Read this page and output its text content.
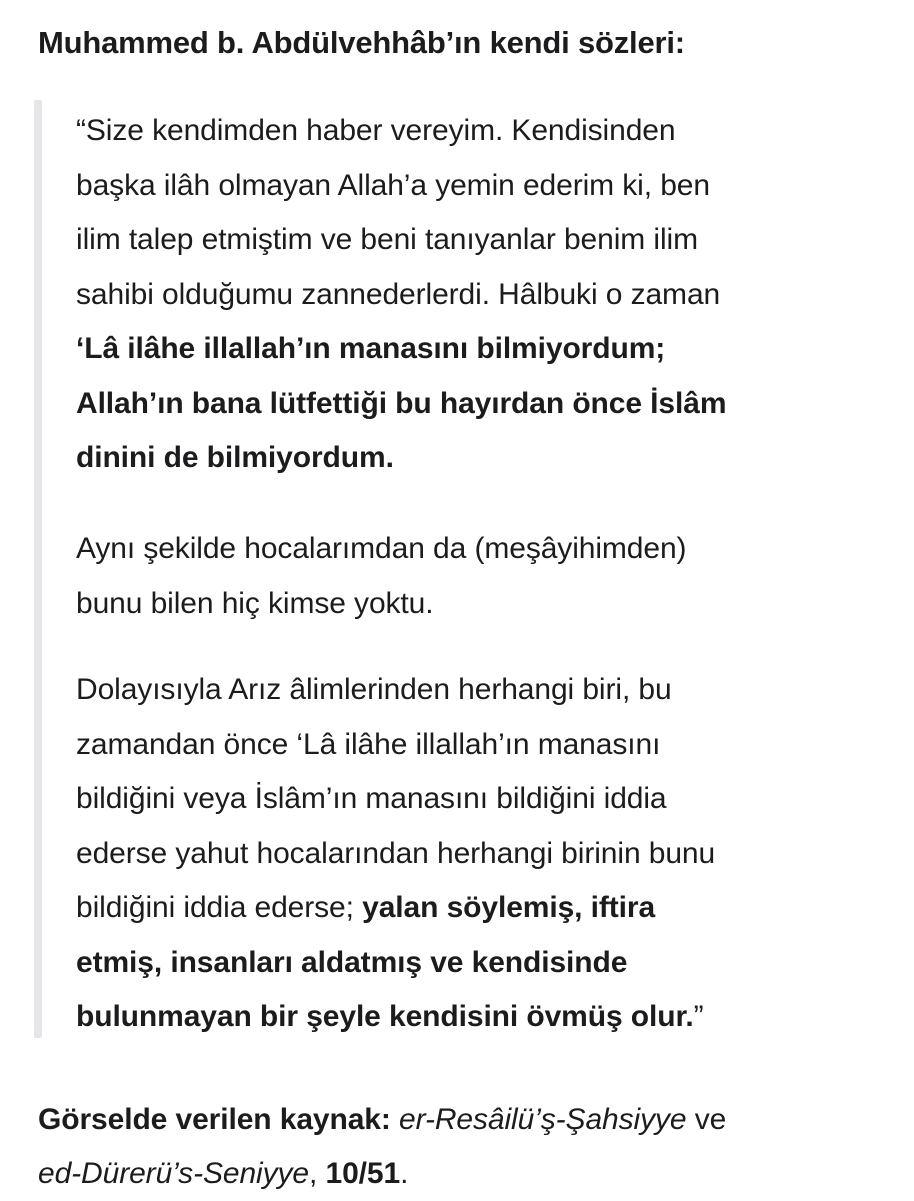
Muhammed b. Abdülvehhâb’ın kendi sözleri:
“Size kendimden haber vereyim. Kendisinden
başka ilâh olmayan Allah’a yemin ederim ki, ben
ilim talep etmiştim ve beni tanıyanlar benim ilim
sahibi olduğumu zannederlerdi. Hâlbuki o zaman
‘Lâ ilâhe illallah’ın manasını bilmiyordum;
Allah’ın bana lütfettiği bu hayırdan önce İslâm
dinini de bilmiyordum.
Aynı şekilde hocalarımdan da (meşâyihimden)
bunu bilen hiç kimse yoktu.
Dolayısıyla Arız âlimlerinden herhangi biri, bu
zamandan önce ‘Lâ ilâhe illallah’ın manasını
bildiğini veya İslâm’ın manasını bildiğini iddia
ederse yahut hocalarından herhangi birinin bunu
bildiğini iddia ederse; yalan söylemiş, iftira
etmiş, insanları aldatmış ve kendisinde
bulunmayan bir şeyle kendisini övmüş olur.”
Görselde verilen kaynak: er-Resâilü’ş-Şahsiyye ve
ed-Dürerü’s-Seniyye, 10/51.
